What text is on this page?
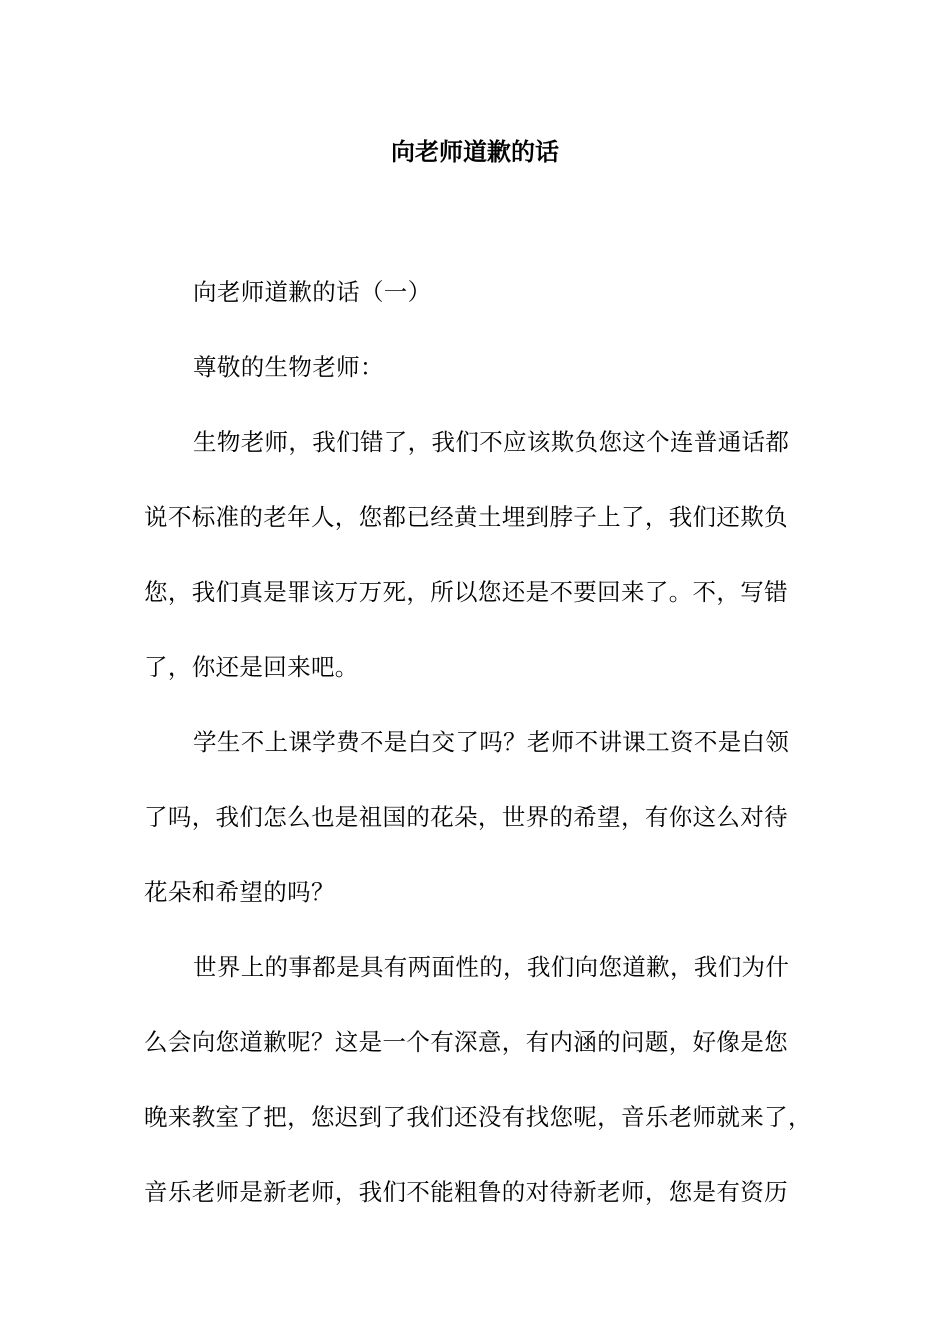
向老师道歉的话
向老师道歉的话（一）
尊敬的生物老师：
生物老师，我们错了，我们不应该欺负您这个连普通话都
说不标准的老年人，您都已经黄土埋到脖子上了，我们还欺负
您，我们真是罪该万万死，所以您还是不要回来了。不，写错
了，你还是回来吧。
学生不上课学费不是白交了吗？老师不讲课工资不是白领
了吗，我们怎么也是祖国的花朵，世界的希望，有你这么对待
花朵和希望的吗？
世界上的事都是具有两面性的，我们向您道歉，我们为什
么会向您道歉呢？这是一个有深意，有内涵的问题，好像是您
晚来教室了把，您迟到了我们还没有找您呢，音乐老师就来了，
音乐老师是新老师，我们不能粗鲁的对待新老师，您是有资历
